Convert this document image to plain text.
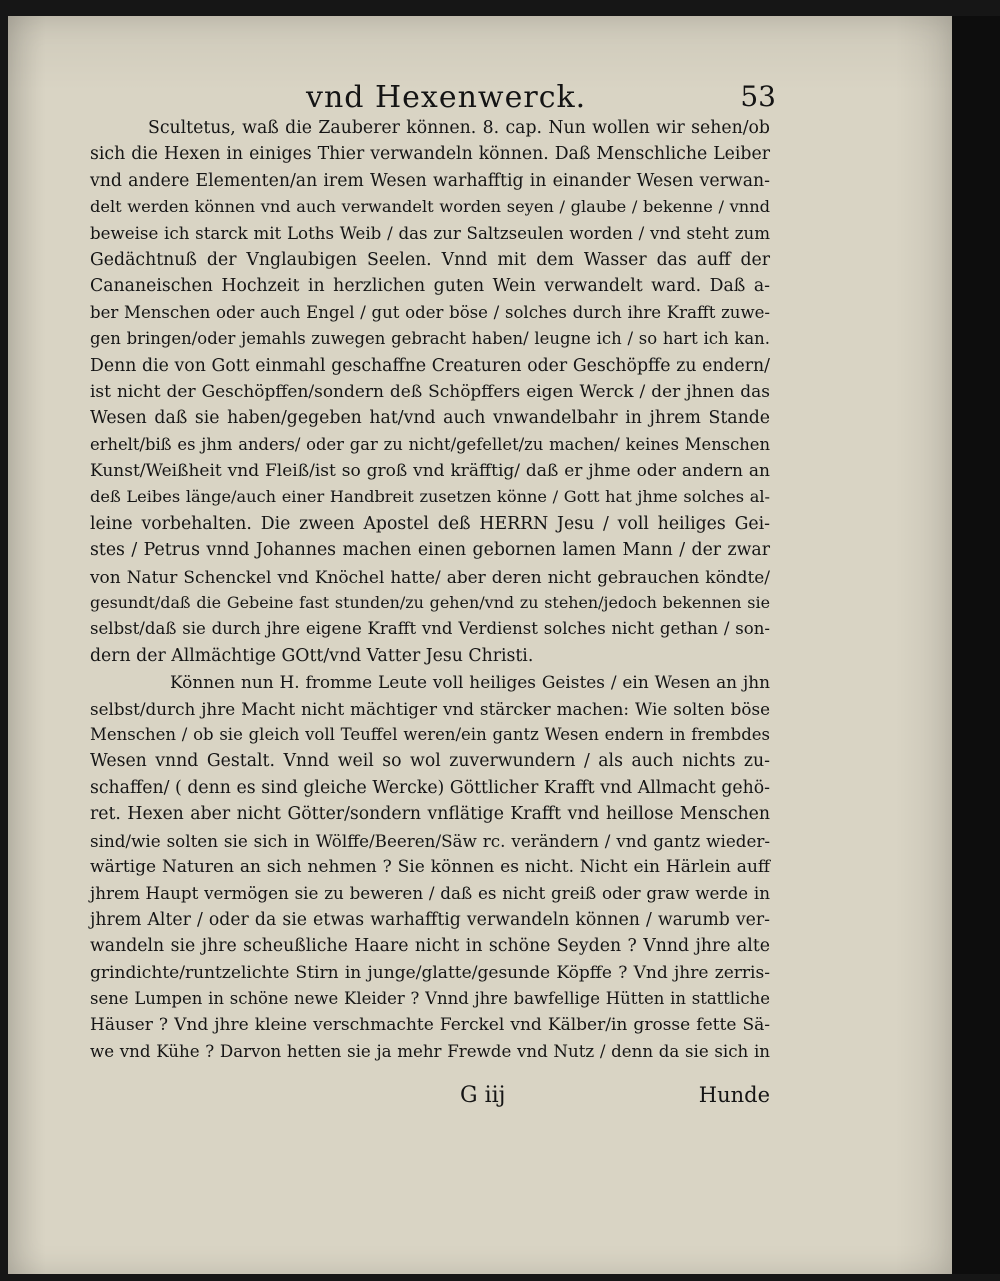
vnd Hexenwerck.	53
Scultetus, waß die Zauberer können. 8. cap. Nun wollen wir sehen/ob
sich die Hexen in einiges Thier verwandeln können. Daß Menschliche Leiber
vnd andere Elementen/an irem Wesen warhafftig in einander Wesen verwan-
delt werden können vnd auch verwandelt worden seyen / glaube / bekenne / vnnd
beweise ich starck mit Loths Weib / das zur Saltzseulen worden / vnd steht zum
Gedächtnuß der Vnglaubigen Seelen. Vnnd mit dem Wasser das auff der
Cananeischen Hochzeit in herzlichen guten Wein verwandelt ward. Daß a-
ber Menschen oder auch Engel / gut oder böse / solches durch ihre Krafft zuwe-
gen bringen/oder jemahls zuwegen gebracht haben/ leugne ich / so hart ich kan.
Denn die von Gott einmahl geschaffne Creaturen oder Geschöpffe zu endern/
ist nicht der Geschöpffen/sondern deß Schöpffers eigen Werck / der jhnen das
Wesen daß sie haben/gegeben hat/vnd auch vnwandelbahr in jhrem Stande
erhelt/biß es jhm anders/ oder gar zu nicht/gefellet/zu machen/ keines Menschen
Kunst/Weißheit vnd Fleiß/ist so groß vnd kräfftig/ daß er jhme oder andern an
deß Leibes länge/auch einer Handbreit zusetzen könne / Gott hat jhme solches al-
leine vorbehalten. Die zween Apostel deß HERRN Jesu / voll heiliges Gei-
stes / Petrus vnnd Johannes machen einen gebornen lamen Mann / der zwar
von Natur Schenckel vnd Knöchel hatte/ aber deren nicht gebrauchen köndte/
gesundt/daß die Gebeine fast stunden/zu gehen/vnd zu stehen/jedoch bekennen sie
selbst/daß sie durch jhre eigene Krafft vnd Verdienst solches nicht gethan / son-
dern der Allmächtige GOtt/vnd Vatter Jesu Christi.
Können nun H. fromme Leute voll heiliges Geistes / ein Wesen an jhn
selbst/durch jhre Macht nicht mächtiger vnd stärcker machen: Wie solten böse
Menschen / ob sie gleich voll Teuffel weren/ein gantz Wesen endern in frembdes
Wesen vnnd Gestalt. Vnnd weil so wol zuverwundern / als auch nichts zu-
schaffen/ ( denn es sind gleiche Wercke) Göttlicher Krafft vnd Allmacht gehö-
ret. Hexen aber nicht Götter/sondern vnflätige Krafft vnd heillose Menschen
sind/wie solten sie sich in Wölffe/Beeren/Säw rc. verändern / vnd gantz wieder-
wärtige Naturen an sich nehmen ? Sie können es nicht. Nicht ein Härlein auff
jhrem Haupt vermögen sie zu beweren / daß es nicht greiß oder graw werde in
jhrem Alter / oder da sie etwas warhafftig verwandeln können / warumb ver-
wandeln sie jhre scheußliche Haare nicht in schöne Seyden ? Vnnd jhre alte
grindichte/runtzelichte Stirn in junge/glatte/gesunde Köpffe ? Vnd jhre zerris-
sene Lumpen in schöne newe Kleider ? Vnnd jhre bawfellige Hütten in stattliche
Häuser ? Vnd jhre kleine verschmachte Ferckel vnd Kälber/in grosse fette Sä-
we vnd Kühe ? Darvon hetten sie ja mehr Frewde vnd Nutz / denn da sie sich in
G iij	Hunde
